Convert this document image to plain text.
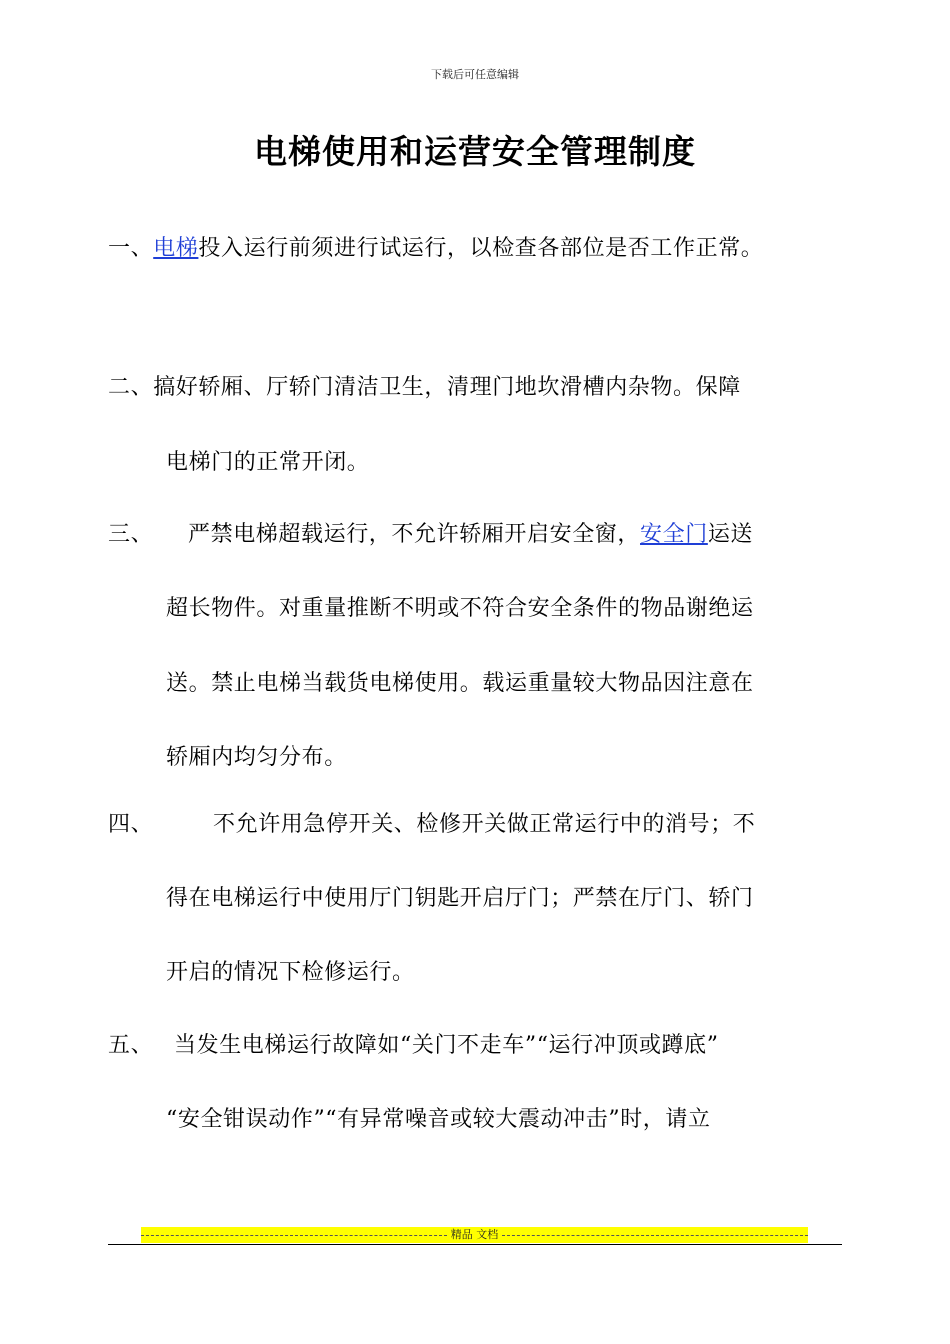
下载后可任意编辑
电梯使用和运营安全管理制度
一、电梯投入运行前须进行试运行，以检查各部位是否工作正常。
二、搞好轿厢、厅轿门清洁卫生，清理门地坎滑槽内杂物。保障
电梯门的正常开闭。
三、 严禁电梯超载运行，不允许轿厢开启安全窗，安全门运送
超长物件。对重量推断不明或不符合安全条件的物品谢绝运
送。禁止电梯当载货电梯使用。载运重量较大物品因注意在
轿厢内均匀分布。
四、	不允许用急停开关、检修开关做正常运行中的消号；不
得在电梯运行中使用厅门钥匙开启厅门；严禁在厅门、轿门
开启的情况下检修运行。
五、 当发生电梯运行故障如“关门不走车”“运行冲顶或蹲底”
“安全钳误动作”“有异常噪音或较大震动冲击”时，请立
精品 文档
